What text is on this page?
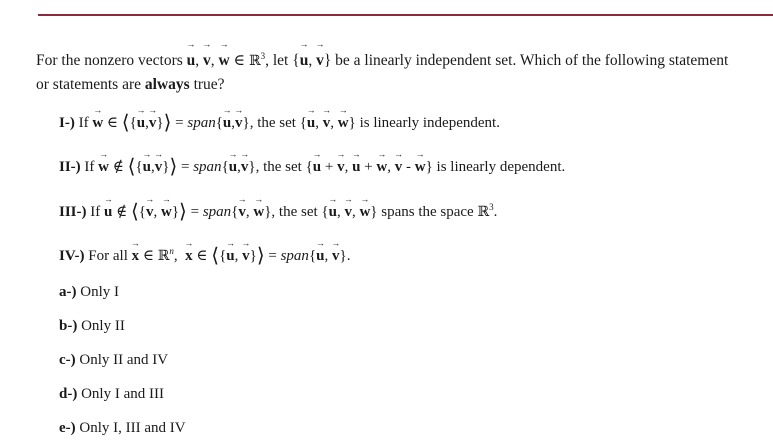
For the nonzero vectors → u, → v, → w ∈ ℝ$^3$, let {→ u, → v} be a linearly independent set. Which of the following statement or statements are always true?
I-) If → w ∈ ⟨{→ u,→ v}⟩ = span{→ u,→ v}, the set {→ u, → v, → w} is linearly independent.
II-) If → w ∉ ⟨{→ u,→ v}⟩ = span{→ u,→ v}, the set {→ u + → v, → u + → w, → v - → w} is linearly dependent.
III-) If → u ∉ ⟨{→ v, → w}⟩ = span{→ v, → w}, the set {→ u, → v, → w} spans the space ℝ$^3$.
IV-) For all → x ∈ ℝ$^n$,  → x ∈ ⟨{→ u, → v}⟩ = span{→ u, → v}.
a-) Only I
b-) Only II
c-) Only II and IV
d-) Only I and III
e-) Only I, III and IV
